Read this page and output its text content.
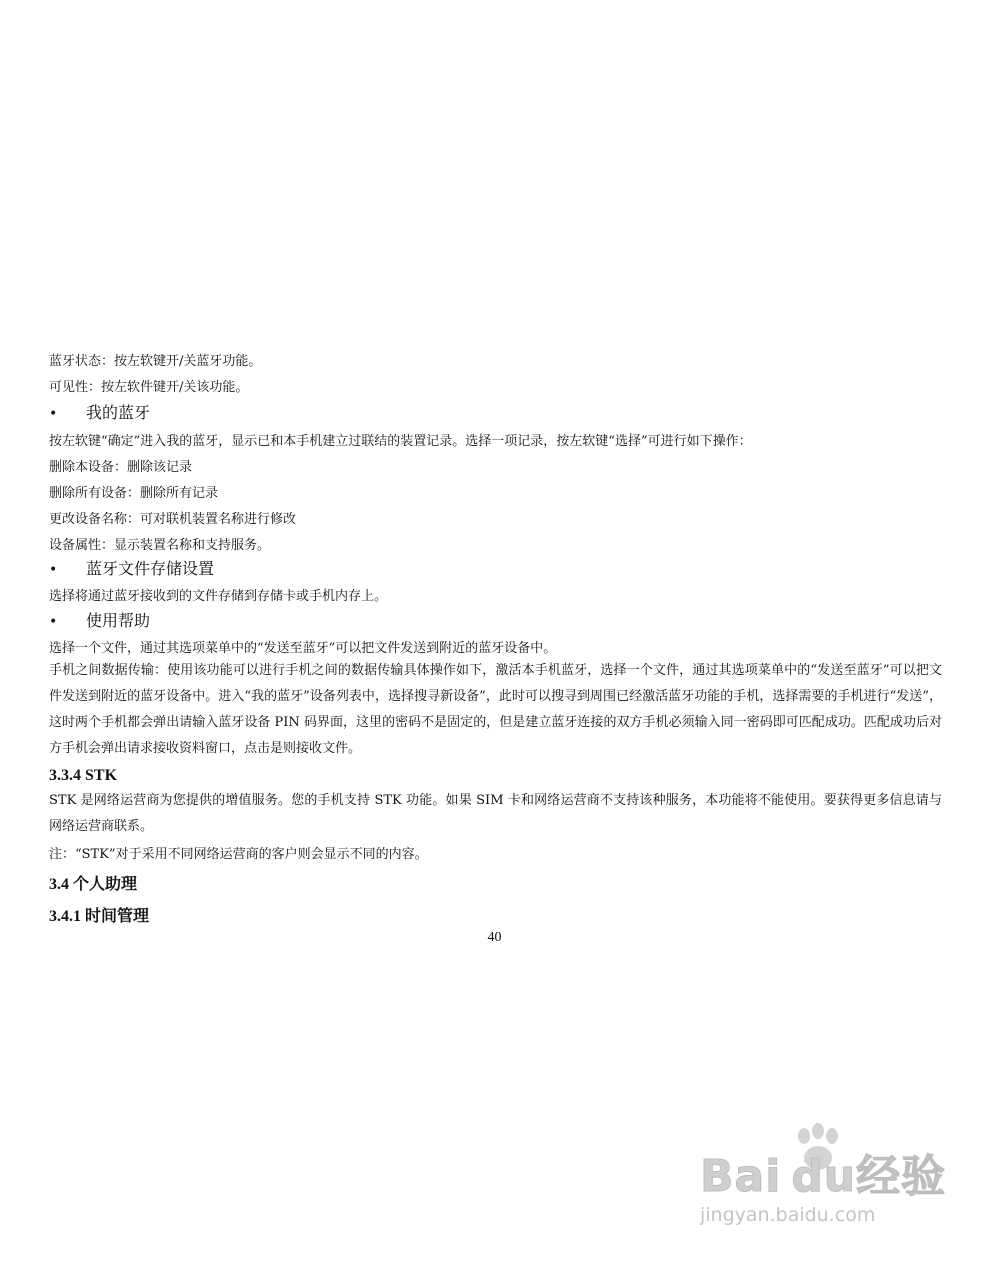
蓝牙状态：按左软键开/关蓝牙功能。
可见性：按左软件键开/关该功能。
• 我的蓝牙
按左软键“确定”进入我的蓝牙，显示已和本手机建立过联结的装置记录。选择一项记录，按左软键“选择”可进行如下操作：
删除本设备：删除该记录
删除所有设备：删除所有记录
更改设备名称：可对联机装置名称进行修改
设备属性：显示装置名称和支持服务。
• 蓝牙文件存储设置
选择将通过蓝牙接收到的文件存储到存储卡或手机内存上。
• 使用帮助
选择一个文件，通过其选项菜单中的“发送至蓝牙”可以把文件发送到附近的蓝牙设备中。
手机之间数据传输：使用该功能可以进行手机之间的数据传输具体操作如下，激活本手机蓝牙，选择一个文件，通过其选项菜单中的“发送至蓝牙”可以把文件发送到附近的蓝牙设备中。进入“我的蓝牙”设备列表中，选择搜寻新设备”，此时可以搜寻到周围已经激活蓝牙功能的手机，选择需要的手机进行“发送”，这时两个手机都会弹出请输入蓝牙设备 PIN 码界面，这里的密码不是固定的，但是建立蓝牙连接的双方手机必须输入同一密码即可匹配成功。匹配成功后对方手机会弹出请求接收资料窗口，点击是则接收文件。
3.3.4 STK
STK 是网络运营商为您提供的增值服务。您的手机支持 STK 功能。如果 SIM 卡和网络运营商不支持该种服务，本功能将不能使用。要获得更多信息请与网络运营商联系。
注：“STK”对于采用不同网络运营商的客户则会显示不同的内容。
3.4 个人助理
3.4.1 时间管理
40
Bai du经验
jingyan.baidu.com
